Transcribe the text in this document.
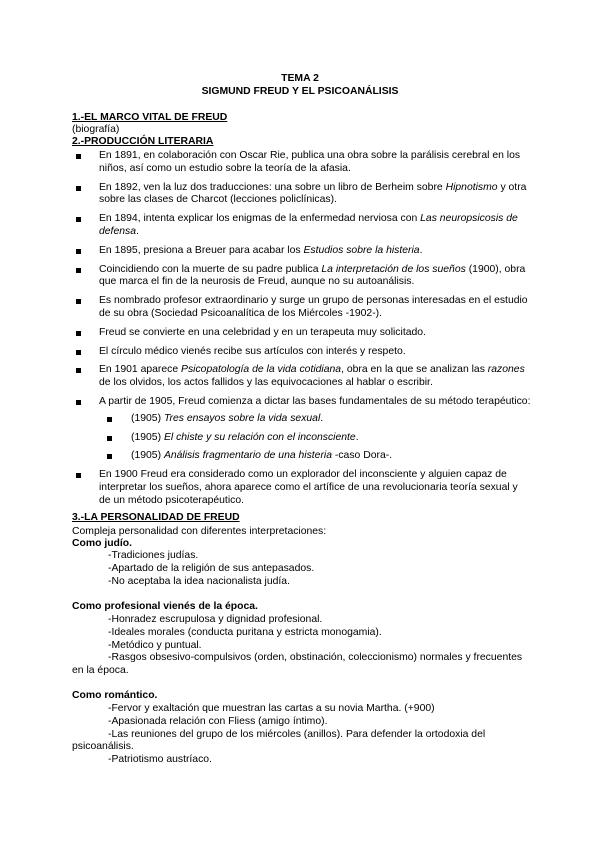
TEMA 2
SIGMUND FREUD Y EL PSICOANÁLISIS
1.-EL MARCO VITAL DE FREUD
(biografía)
2.-PRODUCCIÓN LITERARIA
En 1891, en colaboración con Oscar Rie, publica una obra sobre la parálisis cerebral en los niños, así como un estudio sobre la teoría de la afasia.
En 1892, ven la luz dos traducciones: una sobre un libro de Berheim sobre Hipnotismo y otra sobre las clases de Charcot (lecciones policlínicas).
En 1894, intenta explicar los enigmas de la enfermedad nerviosa con Las neuropsicosis de defensa.
En 1895, presiona a Breuer para acabar los Estudios sobre la histeria.
Coincidiendo con la muerte de su padre publica La interpretación de los sueños (1900), obra que marca el fin de la neurosis de Freud, aunque no su autoanálisis.
Es nombrado profesor extraordinario y surge un grupo de personas interesadas en el estudio de su obra (Sociedad Psicoanalítica de los Miércoles -1902-).
Freud se convierte en una celebridad y en un terapeuta muy solicitado.
El círculo médico vienés recibe sus artículos con interés y respeto.
En 1901 aparece Psicopatología de la vida cotidiana, obra en la que se analizan las razones de los olvidos, los actos fallidos y las equivocaciones al hablar o escribir.
A partir de 1905, Freud comienza a dictar las bases fundamentales de su método terapéutico:
(1905) Tres ensayos sobre la vida sexual.
(1905) El chiste y su relación con el inconsciente.
(1905) Análisis fragmentario de una histeria -caso Dora-.
En 1900 Freud era considerado como un explorador del inconsciente y alguien capaz de interpretar los sueños, ahora aparece como el artífice de una revolucionaria teoría sexual y de un método psicoterapéutico.
3.-LA PERSONALIDAD DE FREUD
Compleja personalidad con diferentes interpretaciones:
Como judío.
-Tradiciones judías.
-Apartado de la religión de sus antepasados.
-No aceptaba la idea nacionalista judía.
Como profesional vienés de la época.
-Honradez escrupulosa y dignidad profesional.
-Ideales morales (conducta puritana y estricta monogamia).
-Metódico y puntual.
-Rasgos obsesivo-compulsivos (orden, obstinación, coleccionismo) normales y frecuentes en la época.
Como romántico.
-Fervor y exaltación que muestran las cartas a su novia Martha. (+900)
-Apasionada relación con Fliess (amigo íntimo).
-Las reuniones del grupo de los miércoles (anillos). Para defender la ortodoxia del psicoanálisis.
-Patriotismo austríaco.
